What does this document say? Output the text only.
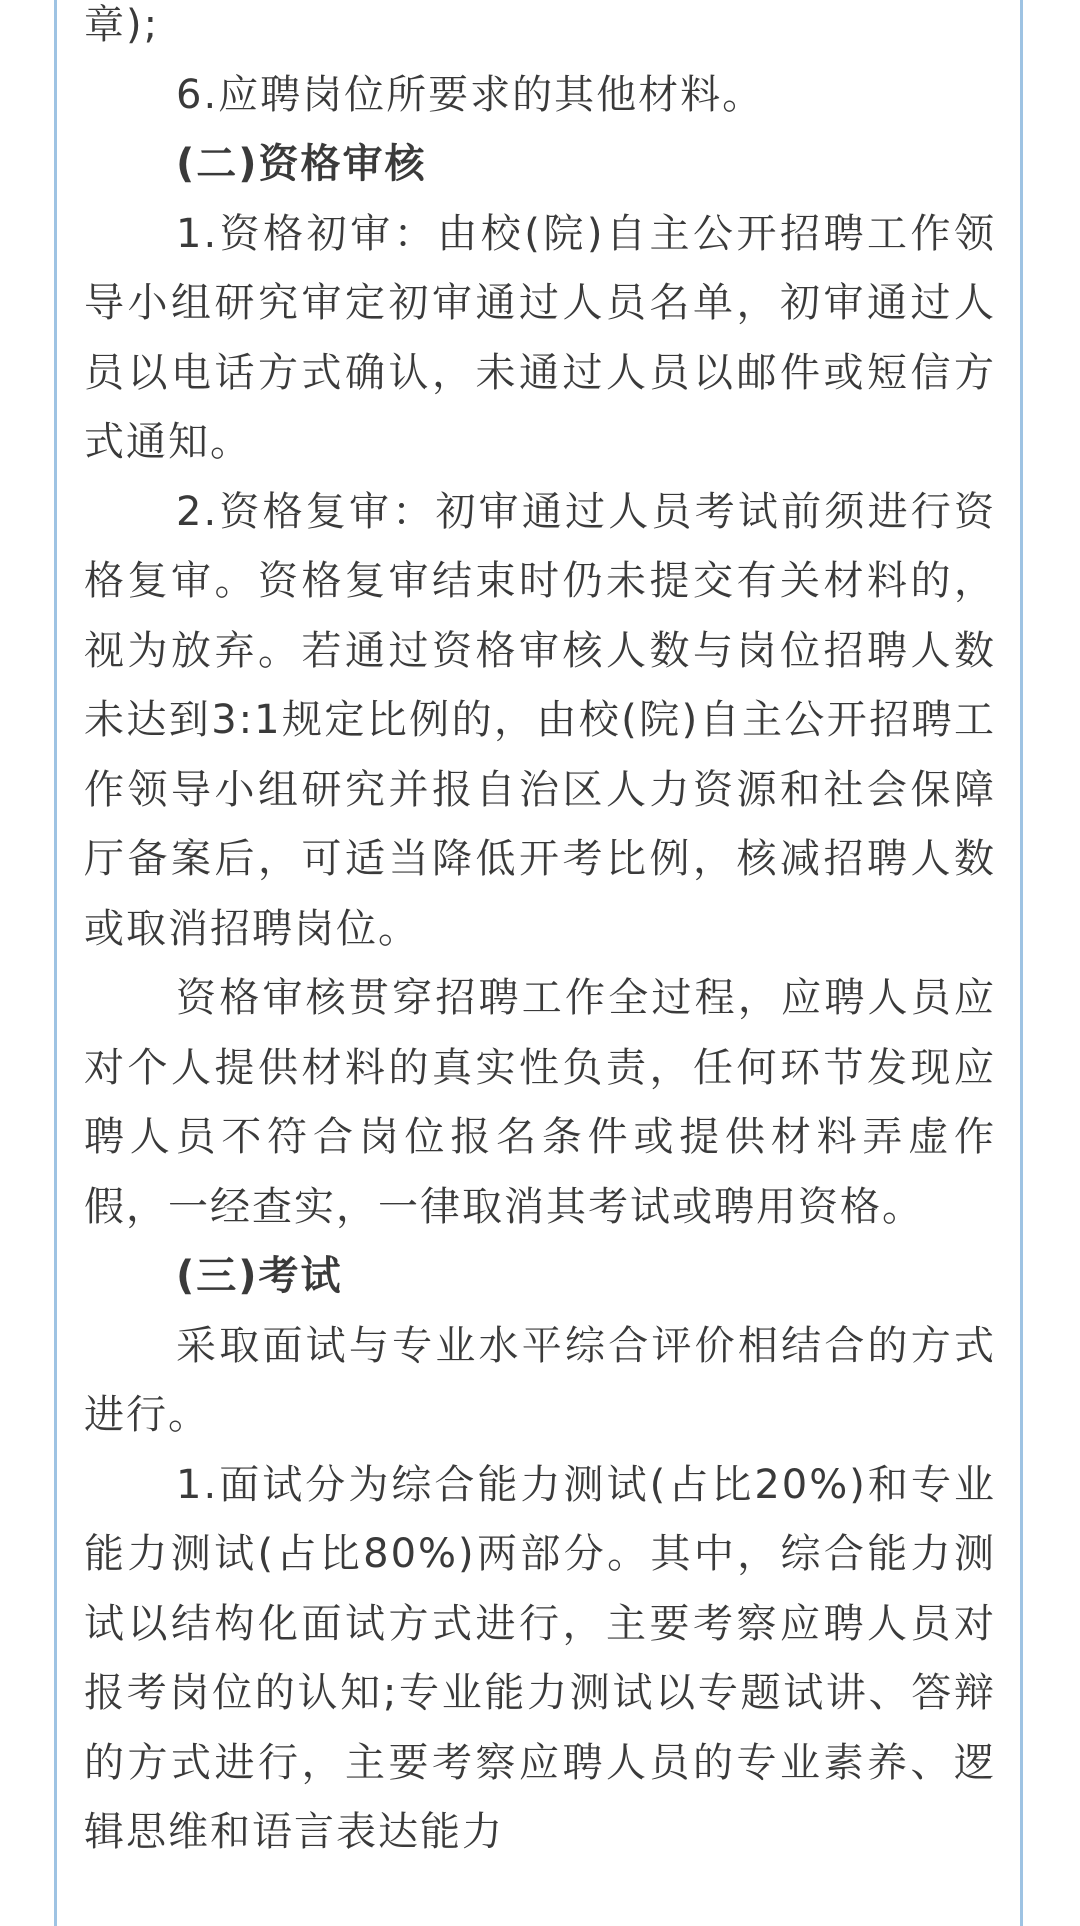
章);

6.应聘岗位所要求的其他材料。

(二)资格审核

1.资格初审：由校(院)自主公开招聘工作领导小组研究审定初审通过人员名单，初审通过人员以电话方式确认，未通过人员以邮件或短信方式通知。

2.资格复审：初审通过人员考试前须进行资格复审。资格复审结束时仍未提交有关材料的，视为放弃。若通过资格审核人数与岗位招聘人数未达到3:1规定比例的，由校(院)自主公开招聘工作领导小组研究并报自治区人力资源和社会保障厅备案后，可适当降低开考比例，核减招聘人数或取消招聘岗位。

资格审核贯穿招聘工作全过程，应聘人员应对个人提供材料的真实性负责，任何环节发现应聘人员不符合岗位报名条件或提供材料弄虚作假，一经查实，一律取消其考试或聘用资格。

(三)考试

采取面试与专业水平综合评价相结合的方式进行。

1.面试分为综合能力测试(占比20%)和专业能力测试(占比80%)两部分。其中，综合能力测试以结构化面试方式进行，主要考察应聘人员对报考岗位的认知;专业能力测试以专题试讲、答辩的方式进行，主要考察应聘人员的专业素养、逻辑思维和语言表达能力
